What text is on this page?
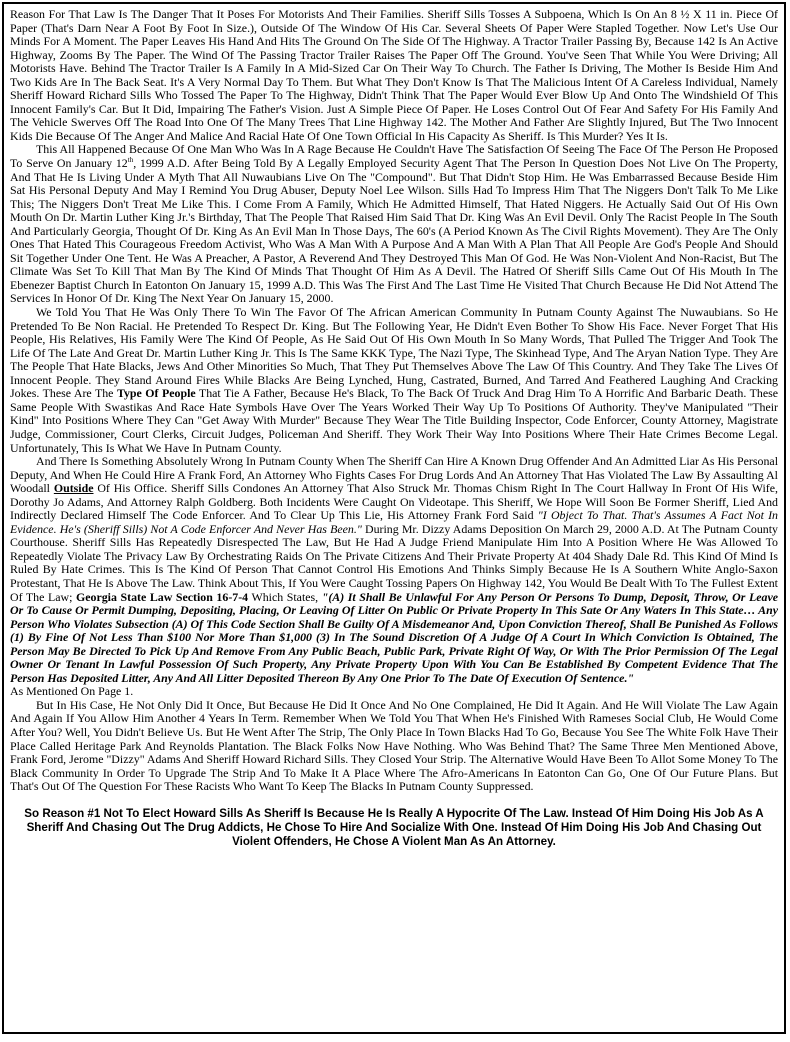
Reason For That Law Is The Danger That It Poses For Motorists And Their Families. Sheriff Sills Tosses A Subpoena, Which Is On An 8 ½ X 11 in. Piece Of Paper (That's Darn Near A Foot By Foot In Size.), Outside Of The Window Of His Car. Several Sheets Of Paper Were Stapled Together. Now Let's Use Our Minds For A Moment. The Paper Leaves His Hand And Hits The Ground On The Side Of The Highway. A Tractor Trailer Passing By, Because 142 Is An Active Highway, Zooms By The Paper. The Wind Of The Passing Tractor Trailer Raises The Paper Off The Ground. You've Seen That While You Were Driving; All Motorists Have. Behind The Tractor Trailer Is A Family In A Mid-Sized Car On Their Way To Church. The Father Is Driving, The Mother Is Beside Him And Two Kids Are In The Back Seat. It's A Very Normal Day To Them. But What They Don't Know Is That The Malicious Intent Of A Careless Individual, Namely Sheriff Howard Richard Sills Who Tossed The Paper To The Highway, Didn't Think That The Paper Would Ever Blow Up And Onto The Windshield Of This Innocent Family's Car. But It Did, Impairing The Father's Vision. Just A Simple Piece Of Paper. He Loses Control Out Of Fear And Safety For His Family And The Vehicle Swerves Off The Road Into One Of The Many Trees That Line Highway 142. The Mother And Father Are Slightly Injured, But The Two Innocent Kids Die Because Of The Anger And Malice And Racial Hate Of One Town Official In His Capacity As Sheriff. Is This Murder? Yes It Is.

This All Happened Because Of One Man Who Was In A Rage Because He Couldn't Have The Satisfaction Of Seeing The Face Of The Person He Proposed To Serve On January 12th, 1999 A.D. After Being Told By A Legally Employed Security Agent That The Person In Question Does Not Live On The Property, And That He Is Living Under A Myth That All Nuwaubians Live On The "Compound". But That Didn't Stop Him. He Was Embarrassed Because Beside Him Sat His Personal Deputy And May I Remind You Drug Abuser, Deputy Noel Lee Wilson. Sills Had To Impress Him That The Niggers Don't Talk To Me Like This; The Niggers Don't Treat Me Like This. I Come From A Family, Which He Admitted Himself, That Hated Niggers. He Actually Said Out Of His Own Mouth On Dr. Martin Luther King Jr.'s Birthday, That The People That Raised Him Said That Dr. King Was An Evil Devil. Only The Racist People In The South And Particularly Georgia, Thought Of Dr. King As An Evil Man In Those Days, The 60's (A Period Known As The Civil Rights Movement). They Are The Only Ones That Hated This Courageous Freedom Activist, Who Was A Man With A Purpose And A Man With A Plan That All People Are God's People And Should Sit Together Under One Tent. He Was A Preacher, A Pastor, A Reverend And They Destroyed This Man Of God. He Was Non-Violent And Non-Racist, But The Climate Was Set To Kill That Man By The Kind Of Minds That Thought Of Him As A Devil. The Hatred Of Sheriff Sills Came Out Of His Mouth In The Ebenezer Baptist Church In Eatonton On January 15, 1999 A.D. This Was The First And The Last Time He Visited That Church Because He Did Not Attend The Services In Honor Of Dr. King The Next Year On January 15, 2000.

We Told You That He Was Only There To Win The Favor Of The African American Community In Putnam County Against The Nuwaubians. So He Pretended To Be Non Racial. He Pretended To Respect Dr. King. But The Following Year, He Didn't Even Bother To Show His Face. Never Forget That His People, His Relatives, His Family Were The Kind Of People, As He Said Out Of His Own Mouth In So Many Words, That Pulled The Trigger And Took The Life Of The Late And Great Dr. Martin Luther King Jr. This Is The Same KKK Type, The Nazi Type, The Skinhead Type, And The Aryan Nation Type. They Are The People That Hate Blacks, Jews And Other Minorities So Much, That They Put Themselves Above The Law Of This Country. And They Take The Lives Of Innocent People. They Stand Around Fires While Blacks Are Being Lynched, Hung, Castrated, Burned, And Tarred And Feathered Laughing And Cracking Jokes. These Are The Type Of People That Tie A Father, Because He's Black, To The Back Of Truck And Drag Him To A Horrific And Barbaric Death. These Same People With Swastikas And Race Hate Symbols Have Over The Years Worked Their Way Up To Positions Of Authority. They've Manipulated "Their Kind" Into Positions Where They Can "Get Away With Murder" Because They Wear The Title Building Inspector, Code Enforcer, County Attorney, Magistrate Judge, Commissioner, Court Clerks, Circuit Judges, Policeman And Sheriff. They Work Their Way Into Positions Where Their Hate Crimes Become Legal. Unfortunately, This Is What We Have In Putnam County.

And There Is Something Absolutely Wrong In Putnam County When The Sheriff Can Hire A Known Drug Offender And An Admitted Liar As His Personal Deputy, And When He Could Hire A Frank Ford, An Attorney Who Fights Cases For Drug Lords And An Attorney That Has Violated The Law By Assaulting Al Woodall Outside Of His Office. Sheriff Sills Condones An Attorney That Also Struck Mr. Thomas Chism Right In The Court Hallway In Front Of His Wife, Dorothy Jo Adams, And Attorney Ralph Goldberg. Both Incidents Were Caught On Videotape. This Sheriff, We Hope Will Soon Be Former Sheriff, Lied And Indirectly Declared Himself The Code Enforcer. And To Clear Up This Lie, His Attorney Frank Ford Said "I Object To That. That's Assumes A Fact Not In Evidence. He's (Sheriff Sills) Not A Code Enforcer And Never Has Been." During Mr. Dizzy Adams Deposition On March 29, 2000 A.D. At The Putnam County Courthouse. Sheriff Sills Has Repeatedly Disrespected The Law, But He Had A Judge Friend Manipulate Him Into A Position Where He Was Allowed To Repeatedly Violate The Privacy Law By Orchestrating Raids On The Private Citizens And Their Private Property At 404 Shady Dale Rd. This Kind Of Mind Is Ruled By Hate Crimes. This Is The Kind Of Person That Cannot Control His Emotions And Thinks Simply Because He Is A Southern White Anglo-Saxon Protestant, That He Is Above The Law. Think About This, If You Were Caught Tossing Papers On Highway 142, You Would Be Dealt With To The Fullest Extent Of The Law; Georgia State Law Section 16-7-4 Which States, "(A) It Shall Be Unlawful For Any Person Or Persons To Dump, Deposit, Throw, Or Leave Or To Cause Or Permit Dumping, Depositing, Placing, Or Leaving Of Litter On Public Or Private Property In This Sate Or Any Waters In This State… Any Person Who Violates Subsection (A) Of This Code Section Shall Be Guilty Of A Misdemeanor And, Upon Conviction Thereof, Shall Be Punished As Follows (1) By Fine Of Not Less Than $100 Nor More Than $1,000 (3) In The Sound Discretion Of A Judge Of A Court In Which Conviction Is Obtained, The Person May Be Directed To Pick Up And Remove From Any Public Beach, Public Park, Private Right Of Way, Or With The Prior Permission Of The Legal Owner Or Tenant In Lawful Possession Of Such Property, Any Private Property Upon With You Can Be Established By Competent Evidence That The Person Has Deposited Litter, Any And All Litter Deposited Thereon By Any One Prior To The Date Of Execution Of Sentence."

As Mentioned On Page 1.

But In His Case, He Not Only Did It Once, But Because He Did It Once And No One Complained, He Did It Again. And He Will Violate The Law Again And Again If You Allow Him Another 4 Years In Term. Remember When We Told You That When He's Finished With Rameses Social Club, He Would Come After You? Well, You Didn't Believe Us. But He Went After The Strip, The Only Place In Town Blacks Had To Go, Because You See The White Folk Have Their Place Called Heritage Park And Reynolds Plantation. The Black Folks Now Have Nothing. Who Was Behind That? The Same Three Men Mentioned Above, Frank Ford, Jerome "Dizzy" Adams And Sheriff Howard Richard Sills. They Closed Your Strip. The Alternative Would Have Been To Allot Some Money To The Black Community In Order To Upgrade The Strip And To Make It A Place Where The Afro-Americans In Eatonton Can Go, One Of Our Future Plans. But That's Out Of The Question For These Racists Who Want To Keep The Blacks In Putnam County Suppressed.

So Reason #1 Not To Elect Howard Sills As Sheriff Is Because He Is Really A Hypocrite Of The Law. Instead Of Him Doing His Job As A Sheriff And Chasing Out The Drug Addicts, He Chose To Hire And Socialize With One. Instead Of Him Doing His Job And Chasing Out Violent Offenders, He Chose A Violent Man As An Attorney.
